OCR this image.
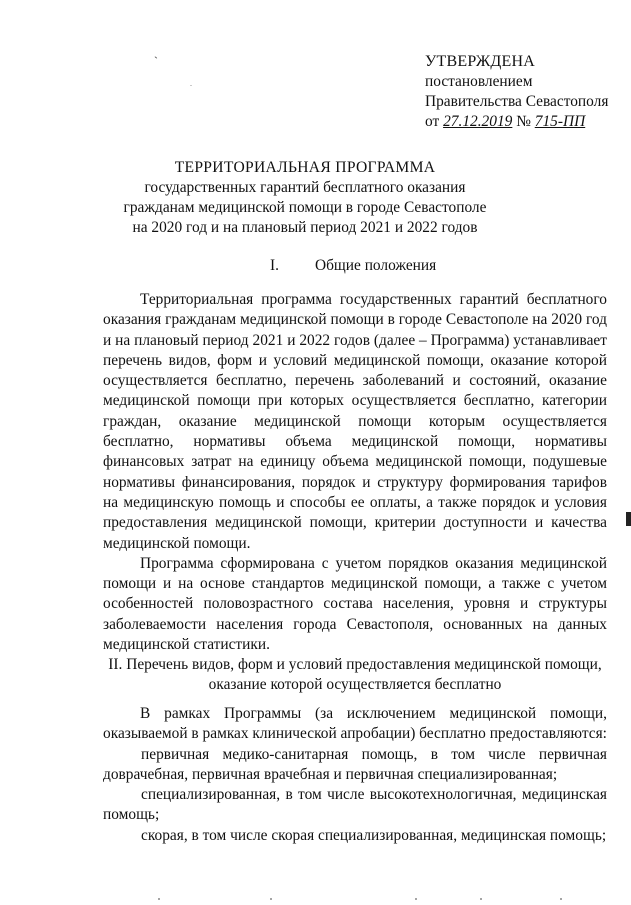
`
.
УТВЕРЖДЕНА
постановлением
Правительства Севастополя
от 27.12.2019 № 715-ПП
ТЕРРИТОРИАЛЬНАЯ ПРОГРАММА
государственных гарантий бесплатного оказания
гражданам медицинской помощи в городе Севастополе
на 2020 год и на плановый период 2021 и 2022 годов
I. Общие положения

Территориальная программа государственных гарантий бесплатного оказания гражданам медицинской помощи в городе Севастополе на 2020 год и на плановый период 2021 и 2022 годов (далее – Программа) устанавливает перечень видов, форм и условий медицинской помощи, оказание которой осуществляется бесплатно, перечень заболеваний и состояний, оказание медицинской помощи при которых осуществляется бесплатно, категории граждан, оказание медицинской помощи которым осуществляется бесплатно, нормативы объема медицинской помощи, нормативы финансовых затрат на единицу объема медицинской помощи, подушевые нормативы финансирования, порядок и структуру формирования тарифов на медицинскую помощь и способы ее оплаты, а также порядок и условия предоставления медицинской помощи, критерии доступности и качества медицинской помощи.

Программа сформирована с учетом порядков оказания медицинской помощи и на основе стандартов медицинской помощи, а также с учетом особенностей половозрастного состава населения, уровня и структуры заболеваемости населения города Севастополя, основанных на данных медицинской статистики.

II. Перечень видов, форм и условий предоставления медицинской помощи,
оказание которой осуществляется бесплатно

В рамках Программы (за исключением медицинской помощи, оказываемой в рамках клинической апробации) бесплатно предоставляются:

первичная медико-санитарная помощь, в том числе первичная доврачебная, первичная врачебная и первичная специализированная;

специализированная, в том числе высокотехнологичная, медицинская помощь;

скорая, в том числе скорая специализированная, медицинская помощь;
